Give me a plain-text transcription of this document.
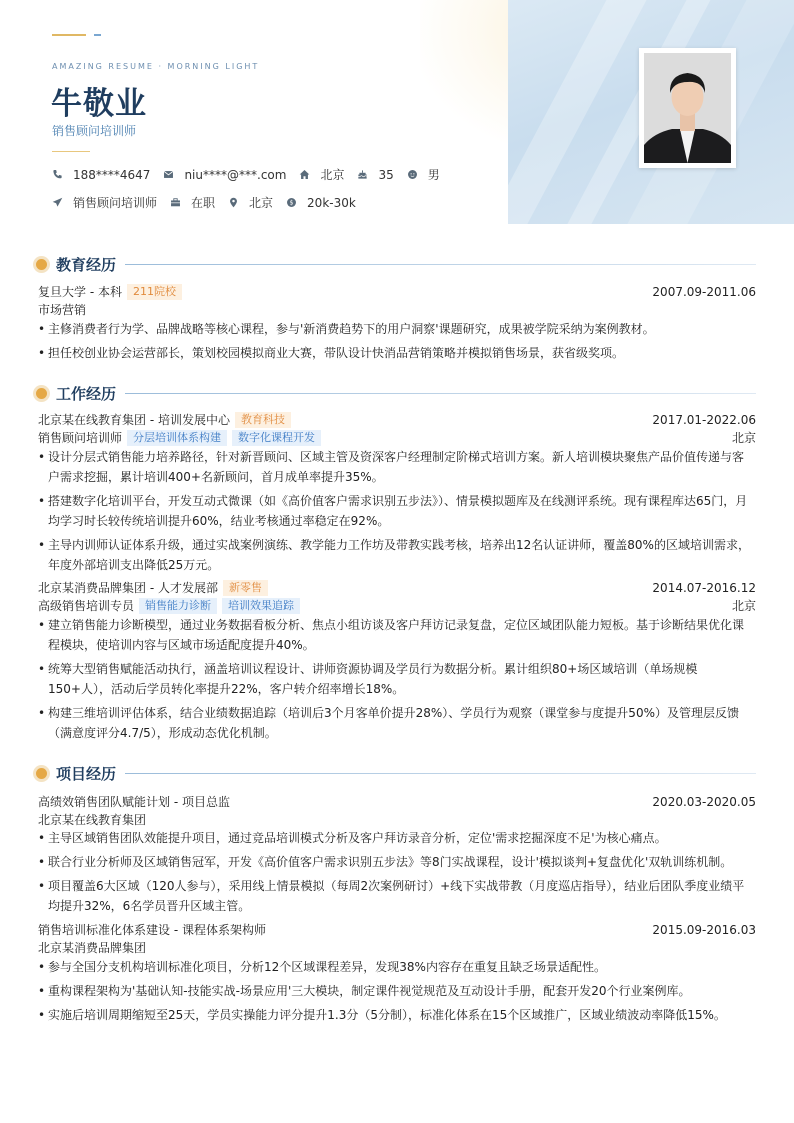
AMAZING RESUME · MORNING LIGHT
牛敬业
销售顾问培训师
188****4647	niu****@***.com	北京	35	男
销售顾问培训师	在职	北京 $ 20k-30k
教育经历
复旦大学 - 本科	211院校	2007.09-2011.06
市场营销
• 主修消费者行为学、品牌战略等核心课程，参与'新消费趋势下的用户洞察'课题研究，成果被学院采纳为案例教材。
• 担任校创业协会运营部长，策划校园模拟商业大赛，带队设计快消品营销策略并模拟销售场景，获省级奖项。
工作经历
北京某在线教育集团 - 培训发展中心	教育科技	2017.01-2022.06
销售顾问培训师	分层培训体系构建	数字化课程开发	北京
• 设计分层式销售能力培养路径，针对新晋顾问、区域主管及资深客户经理制定阶梯式培训方案。新人培训模块聚焦产品价值传递与客户需求挖掘，累计培训400+名新顾问，首月成单率提升35%。
• 搭建数字化培训平台，开发互动式微课（如《高价值客户需求识别五步法》）、情景模拟题库及在线测评系统。现有课程库达65门，月均学习时长较传统培训提升60%，结业考核通过率稳定在92%。
• 主导内训师认证体系升级，通过实战案例演练、教学能力工作坊及带教实践考核，培养出12名认证讲师，覆盖80%的区域培训需求，年度外部培训支出降低25万元。
北京某消费品牌集团 - 人才发展部	新零售	2014.07-2016.12
高级销售培训专员	销售能力诊断	培训效果追踪	北京
• 建立销售能力诊断模型，通过业务数据看板分析、焦点小组访谈及客户拜访记录复盘，定位区域团队能力短板。基于诊断结果优化课程模块，使培训内容与区域市场适配度提升40%。
• 统筹大型销售赋能活动执行，涵盖培训议程设计、讲师资源协调及学员行为数据分析。累计组织80+场区域培训（单场规模150+人），活动后学员转化率提升22%，客户转介绍率增长18%。
• 构建三维培训评估体系，结合业绩数据追踪（培训后3个月客单价提升28%）、学员行为观察（课堂参与度提升50%）及管理层反馈（满意度评分4.7/5），形成动态优化机制。
项目经历
高绩效销售团队赋能计划 - 项目总监	2020.03-2020.05
北京某在线教育集团
• 主导区域销售团队效能提升项目，通过竞品培训模式分析及客户拜访录音分析，定位'需求挖掘深度不足'为核心痛点。
• 联合行业分析师及区域销售冠军，开发《高价值客户需求识别五步法》等8门实战课程，设计'模拟谈判+复盘优化'双轨训练机制。
• 项目覆盖6大区域（120人参与），采用线上情景模拟（每周2次案例研讨）+线下实战带教（月度巡店指导），结业后团队季度业绩平均提升32%，6名学员晋升区域主管。
销售培训标准化体系建设 - 课程体系架构师	2015.09-2016.03
北京某消费品牌集团
• 参与全国分支机构培训标准化项目，分析12个区域课程差异，发现38%内容存在重复且缺乏场景适配性。
• 重构课程架构为'基础认知-技能实战-场景应用'三大模块，制定课件视觉规范及互动设计手册，配套开发20个行业案例库。
• 实施后培训周期缩短至25天，学员实操能力评分提升1.3分（5分制），标准化体系在15个区域推广，区域业绩波动率降低15%。
